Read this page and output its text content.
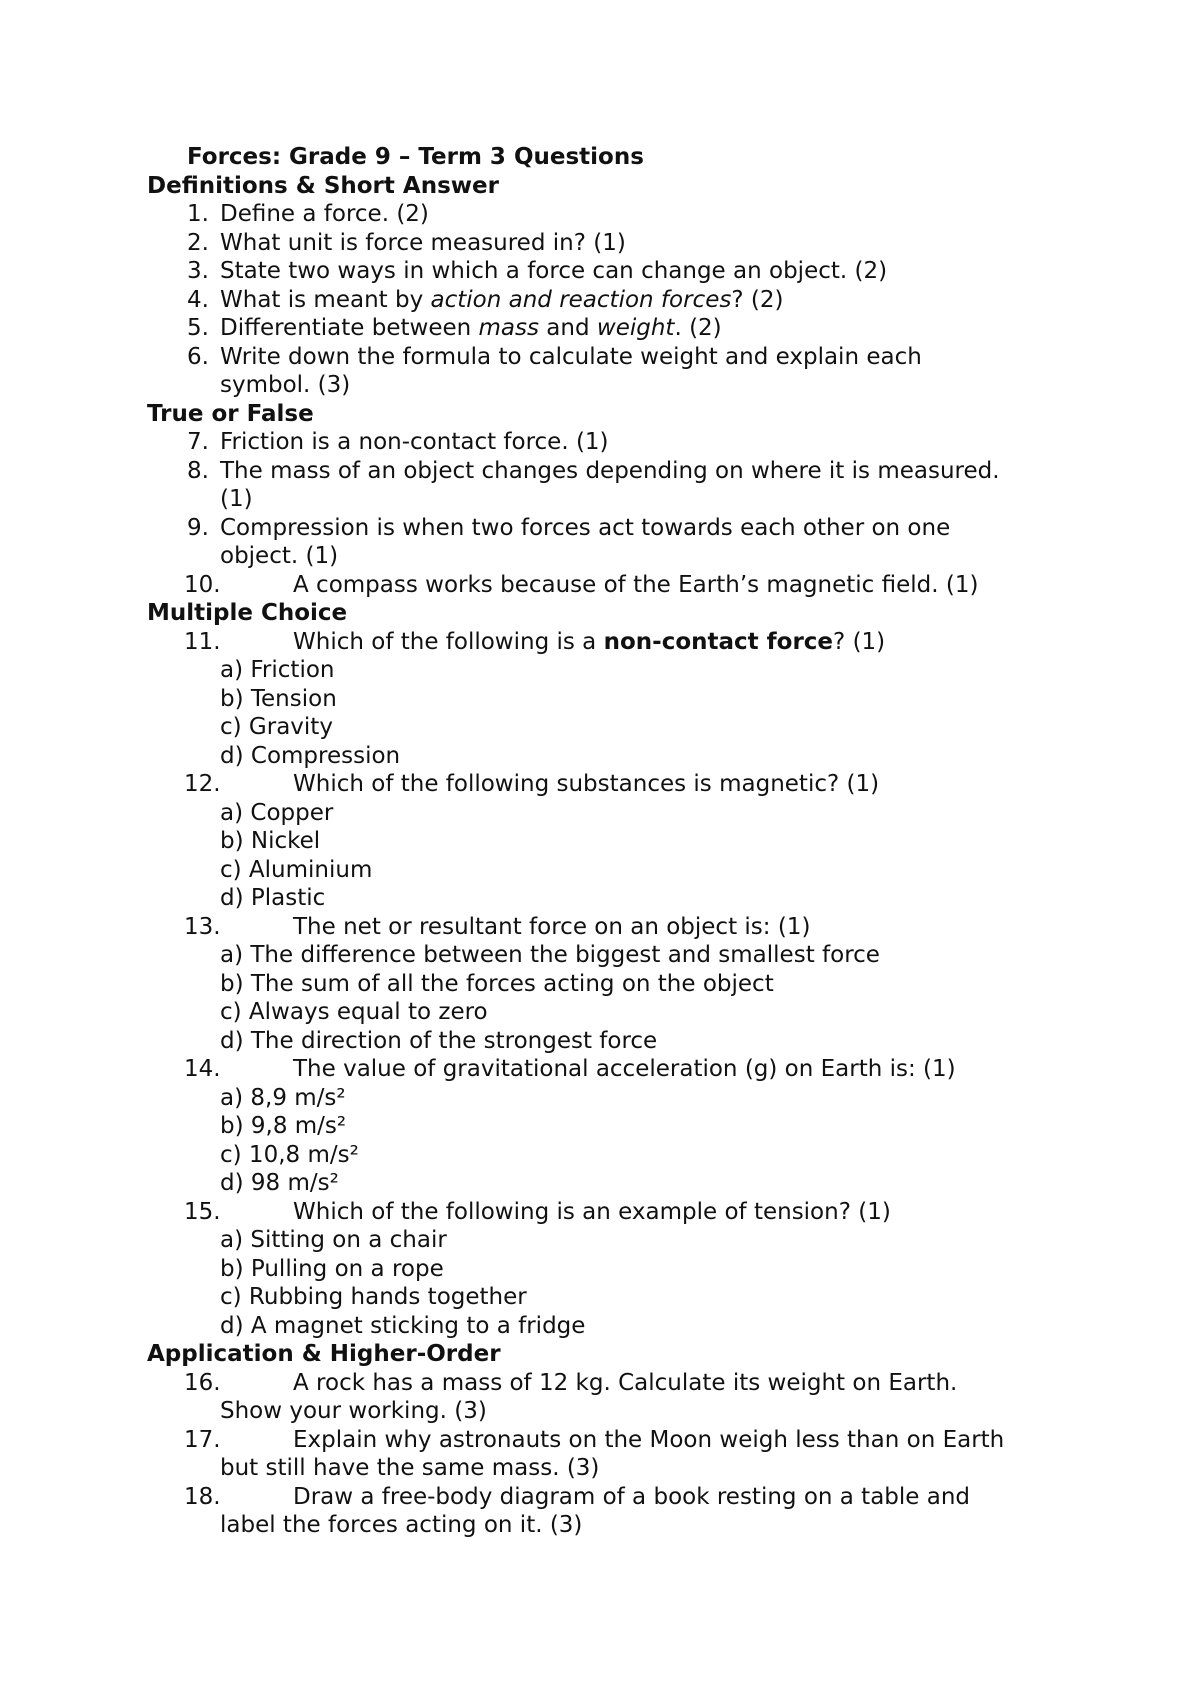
Forces: Grade 9 – Term 3 Questions
Definitions & Short Answer
1. Define a force. (2)
2. What unit is force measured in? (1)
3. State two ways in which a force can change an object. (2)
4. What is meant by action and reaction forces? (2)
5. Differentiate between mass and weight. (2)
6. Write down the formula to calculate weight and explain each
symbol. (3)
True or False
7. Friction is a non-contact force. (1)
8. The mass of an object changes depending on where it is measured.
(1)
9. Compression is when two forces act towards each other on one
object. (1)
10.	A compass works because of the Earth’s magnetic field. (1)
Multiple Choice
11.	Which of the following is a non-contact force? (1)
a) Friction
b) Tension
c) Gravity
d) Compression
12.	Which of the following substances is magnetic? (1)
a) Copper
b) Nickel
c) Aluminium
d) Plastic
13.	The net or resultant force on an object is: (1)
a) The difference between the biggest and smallest force
b) The sum of all the forces acting on the object
c) Always equal to zero
d) The direction of the strongest force
14.	The value of gravitational acceleration (g) on Earth is: (1)
a) 8,9 m/s²
b) 9,8 m/s²
c) 10,8 m/s²
d) 98 m/s²
15.	Which of the following is an example of tension? (1)
a) Sitting on a chair
b) Pulling on a rope
c) Rubbing hands together
d) A magnet sticking to a fridge
Application & Higher-Order
16.	A rock has a mass of 12 kg. Calculate its weight on Earth.
Show your working. (3)
17.	Explain why astronauts on the Moon weigh less than on Earth
but still have the same mass. (3)
18.	Draw a free-body diagram of a book resting on a table and
label the forces acting on it. (3)
